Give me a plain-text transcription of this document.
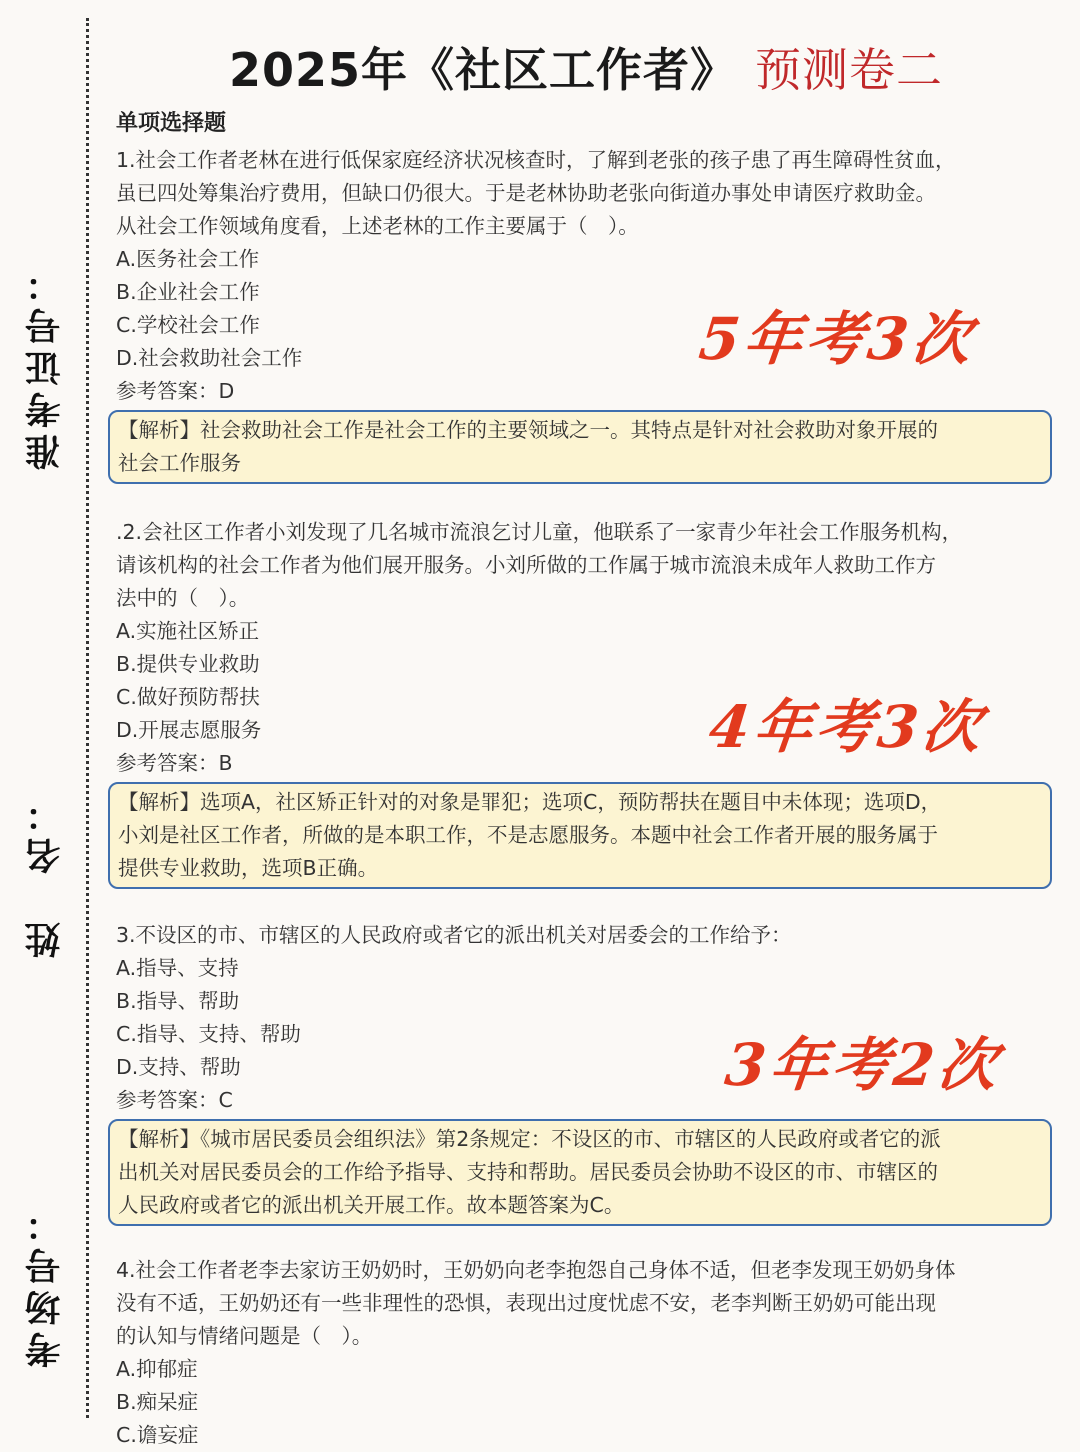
准考证号：
姓　名：
考场号：
2025年《社区工作者》 预测卷二
单项选择题
1.社会工作者老林在进行低保家庭经济状况核查时，了解到老张的孩子患了再生障碍性贫血，
虽已四处筹集治疗费用，但缺口仍很大。于是老林协助老张向街道办事处申请医疗救助金。
从社会工作领域角度看，上述老林的工作主要属于（　）。
A.医务社会工作
B.企业社会工作
C.学校社会工作
D.社会救助社会工作
参考答案：D
【解析】社会救助社会工作是社会工作的主要领域之一。其特点是针对社会救助对象开展的
社会工作服务
.2.会社区工作者小刘发现了几名城市流浪乞讨儿童，他联系了一家青少年社会工作服务机构，
请该机构的社会工作者为他们展开服务。小刘所做的工作属于城市流浪未成年人救助工作方
法中的（　）。
A.实施社区矫正
B.提供专业救助
C.做好预防帮扶
D.开展志愿服务
参考答案：B
【解析】选项A，社区矫正针对的对象是罪犯；选项C，预防帮扶在题目中未体现；选项D，
小刘是社区工作者，所做的是本职工作，不是志愿服务。本题中社会工作者开展的服务属于
提供专业救助，选项B正确。
3.不设区的市、市辖区的人民政府或者它的派出机关对居委会的工作给予：
A.指导、支持
B.指导、帮助
C.指导、支持、帮助
D.支持、帮助
参考答案：C
【解析】《城市居民委员会组织法》第2条规定：不设区的市、市辖区的人民政府或者它的派
出机关对居民委员会的工作给予指导、支持和帮助。居民委员会协助不设区的市、市辖区的
人民政府或者它的派出机关开展工作。故本题答案为C。
4.社会工作者老李去家访王奶奶时，王奶奶向老李抱怨自己身体不适，但老李发现王奶奶身体
没有不适，王奶奶还有一些非理性的恐惧，表现出过度忧虑不安，老李判断王奶奶可能出现
的认知与情绪问题是（　）。
A.抑郁症
B.痴呆症
C.谵妄症
5年考3次
4年考3次
3年考2次
